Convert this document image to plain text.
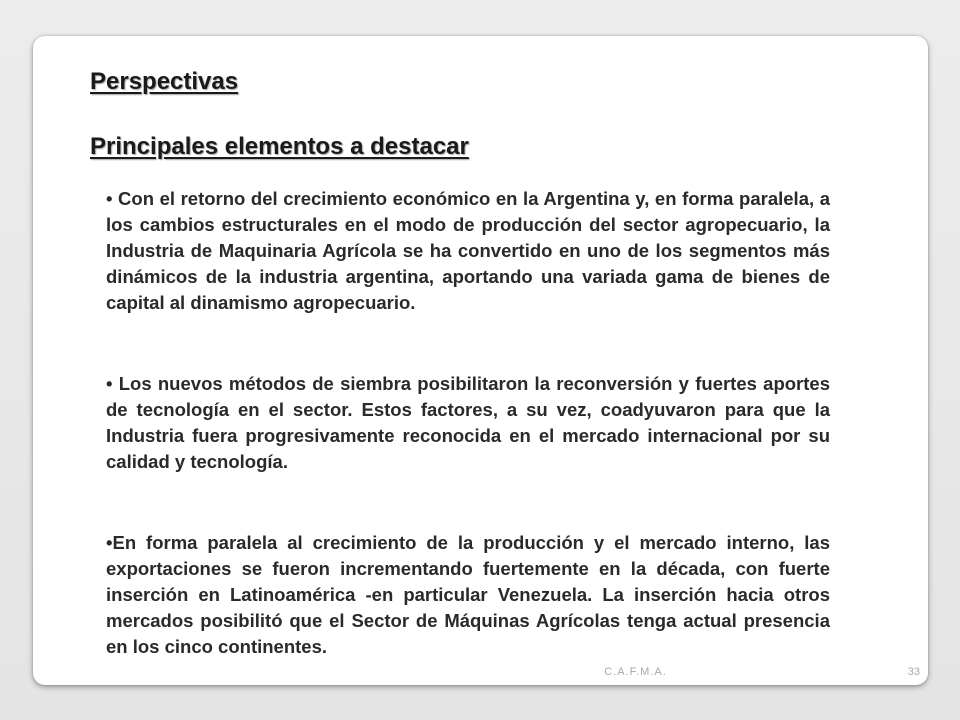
Perspectivas
Principales elementos a destacar
• Con el retorno del crecimiento económico en la Argentina y, en forma paralela, a los cambios estructurales en el modo de producción del sector agropecuario, la Industria de Maquinaria Agrícola se ha convertido en uno de los segmentos más dinámicos de la industria argentina, aportando una variada gama de bienes de capital al dinamismo agropecuario.
• Los nuevos métodos de siembra posibilitaron la reconversión y fuertes aportes de tecnología en el sector. Estos factores, a su vez, coadyuvaron para que la Industria fuera progresivamente reconocida en el mercado internacional por su calidad y tecnología.
•En forma paralela al crecimiento de la producción y el mercado interno, las exportaciones se fueron incrementando fuertemente en la década, con fuerte inserción en Latinoamérica -en particular Venezuela. La inserción hacia otros mercados posibilitó que el Sector de Máquinas Agrícolas tenga actual presencia en los cinco continentes.
C.A.F.M.A.	33
